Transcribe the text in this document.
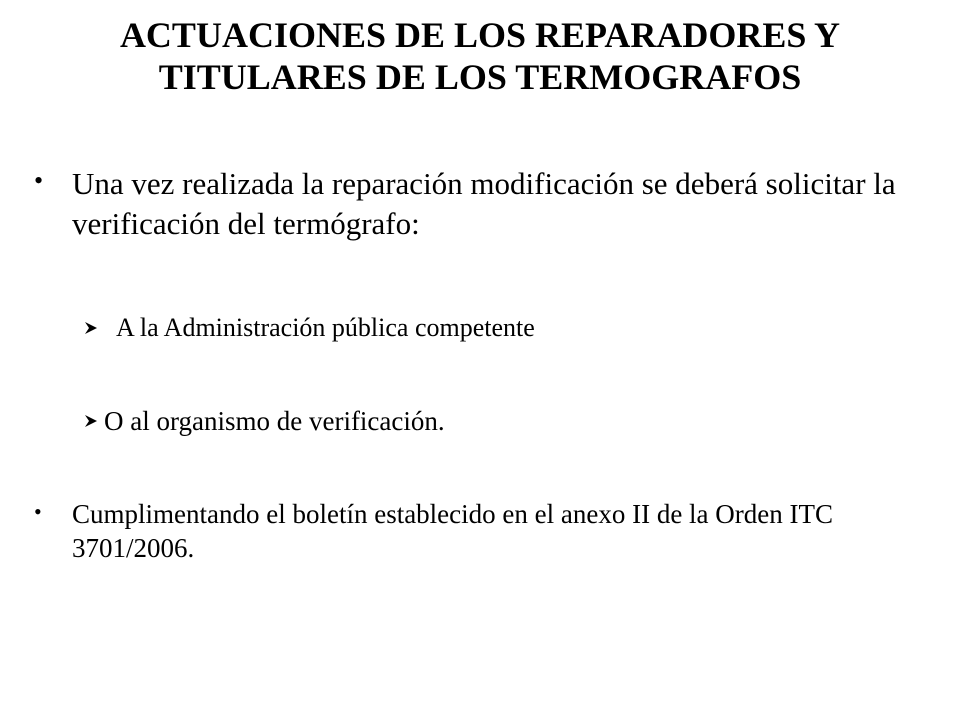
ACTUACIONES DE LOS REPARADORES Y
TITULARES DE LOS TERMOGRAFOS
• Una vez realizada la reparación modificación se deberá solicitar la verificación del termógrafo:
A la Administración pública competente
O al organismo de verificación.
•	Cumplimentando el boletín establecido en el anexo II de la Orden ITC 3701/2006.
